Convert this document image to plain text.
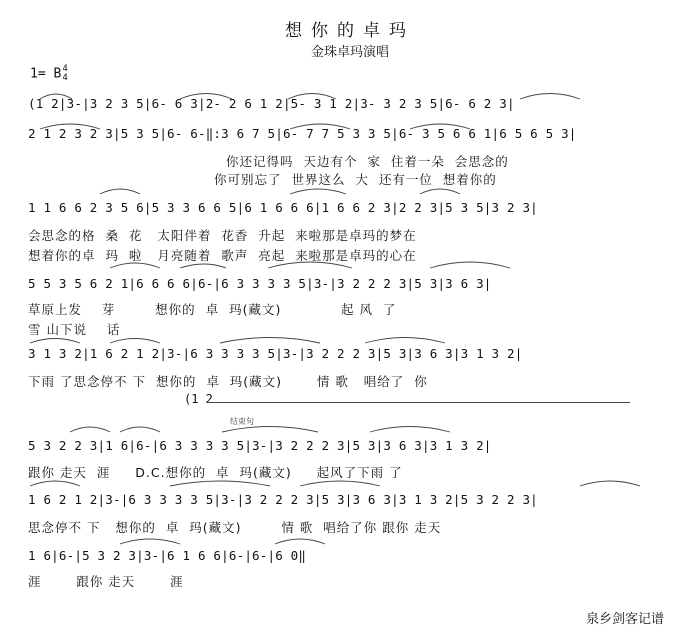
想你的卓玛
金珠卓玛演唱
1= B4
4
(1 2|3-|3 2 3 5|6- 6 3|2- 2 6 1 2|5- 3 1 2|3- 3 2 3 5|6- 6 2 3|
2 1 2 3 2 3|5 3 5|6- 6-‖:3 6 7 5|6- 7 7 5 3 3 5|6- 3 5 6 6 1|6 5 6 5 3|
你还记得吗  天边有个  家  住着一朵  会思念的
你可别忘了  世界这么  大  还有一位  想着你的
1 1 6 6 2 3 5 6|5 3 3 6 6 5|6 1 6 6 6|1 6 6 2 3|2 2 3|5 3 5|3 2 3|
会思念的格  桑  花   太阳伴着  花香  升起  来啦那是卓玛的梦在
想着你的卓  玛  啦   月亮随着  歌声  亮起  来啦那是卓玛的心在
5 5 3 5 6 2 1|6 6 6 6|6-|6 3 3 3 3 5|3-|3 2 2 2 3|5 3|3 6 3|
草原上发    芽        想你的  卓  玛(藏文)            起 风  了
雪 山下说    话
3 1 3 2|1 6 2 1 2|3-|6 3 3 3 3 5|3-|3 2 2 2 3|5 3|3 6 3|3 1 3 2|
下雨 了思念停不 下  想你的  卓  玛(藏文)       情 歌   唱给了  你
(1 2
结束句
5 3 2 2 3|1 6|6-|6 3 3 3 3 5|3-|3 2 2 2 3|5 3|3 6 3|3 1 3 2|
跟你 走天  涯     D.C.想你的  卓  玛(藏文)     起风了下雨 了
1 6 2 1 2|3-|6 3 3 3 3 5|3-|3 2 2 2 3|5 3|3 6 3|3 1 3 2|5 3 2 2 3|
思念停不 下   想你的  卓  玛(藏文)        情 歌  唱给了你 跟你 走天
1 6|6-|5 3 2 3|3-|6 1 6 6|6-|6-|6 0‖
涯       跟你 走天       涯
泉乡剑客记谱
